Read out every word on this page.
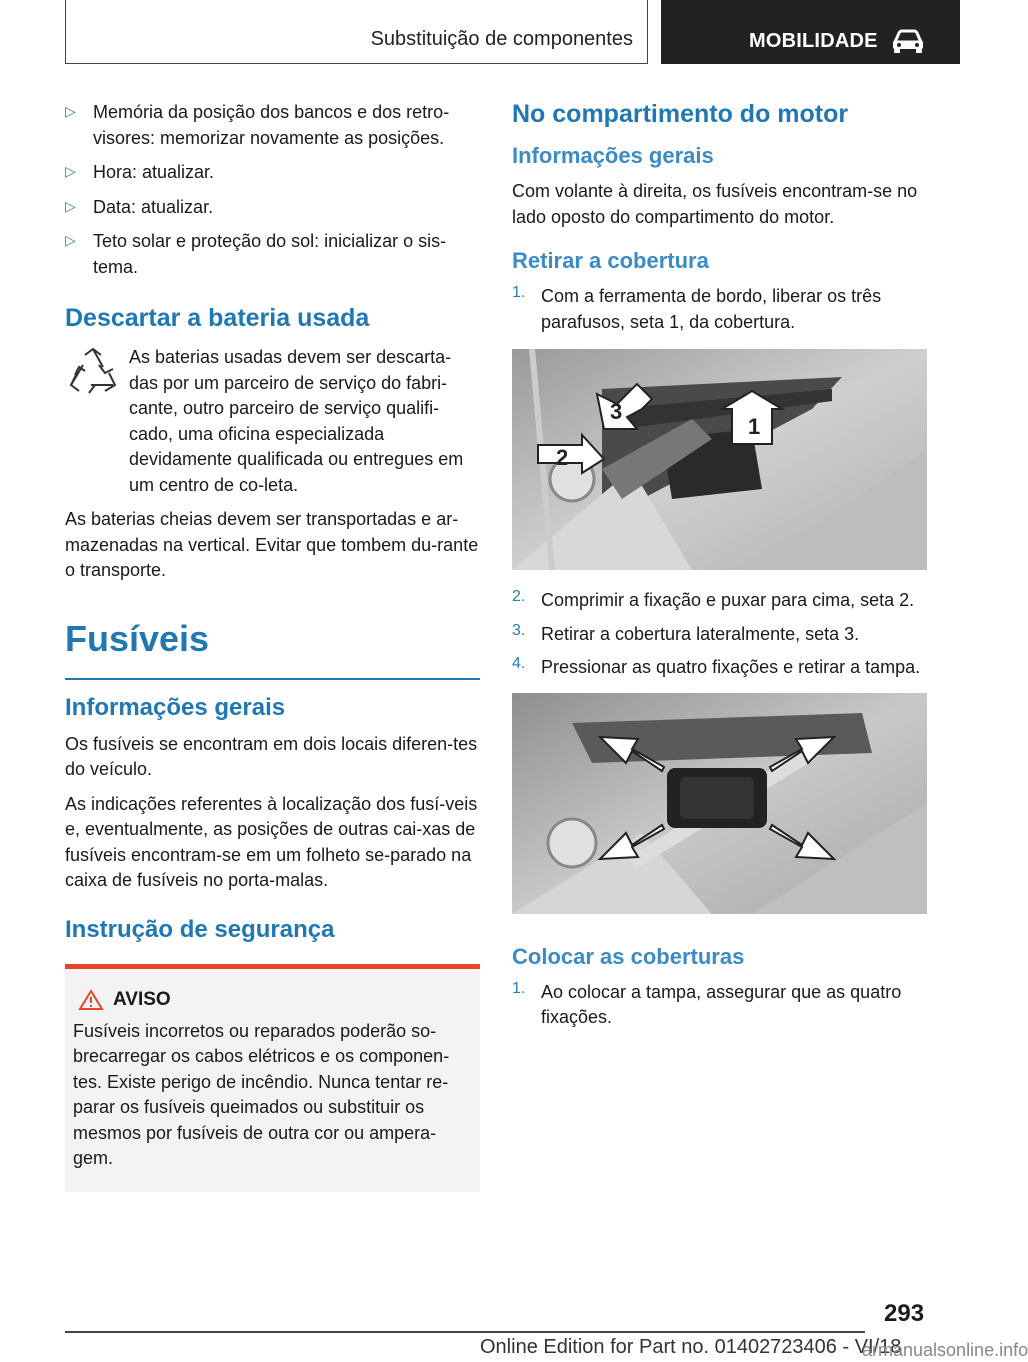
Substituição de componentes	MOBILIDADE
▷ Memória da posição dos bancos e dos retro-visores: memorizar novamente as posições.

▷ Hora: atualizar.

▷ Data: atualizar.

▷ Teto solar e proteção do sol: inicializar o sis-tema.

Descartar a bateria usada

As baterias usadas devem ser descarta-das por um parceiro de serviço do fabri-cante, outro parceiro de serviço qualifi-cado, uma oficina especializada devidamente qualificada ou entregues em um centro de co-leta.

As baterias cheias devem ser transportadas e ar-mazenadas na vertical. Evitar que tombem du-rante o transporte.

Fusíveis
Informações gerais

Os fusíveis se encontram em dois locais diferen-tes do veículo.

As indicações referentes à localização dos fusí-veis e, eventualmente, as posições de outras cai-xas de fusíveis encontram-se em um folheto se-parado na caixa de fusíveis no porta-malas.

Instrução de segurança
AVISO

Fusíveis incorretos ou reparados poderão so-brecarregar os cabos elétricos e os componen-tes. Existe perigo de incêndio. Nunca tentar re-parar os fusíveis queimados ou substituir os mesmos por fusíveis de outra cor ou ampera-gem.

No compartimento do motor
Informações gerais

Com volante à direita, os fusíveis encontram-se no lado oposto do compartimento do motor.

Retirar a cobertura
1. Com a ferramenta de bordo, liberar os três parafusos, seta 1, da cobertura.

3
1
2
2. Comprimir a fixação e puxar para cima, seta 2.

3. Retirar a cobertura lateralmente, seta 3.

4. Pressionar as quatro fixações e retirar a tampa.

Colocar as coberturas
1. Ao colocar a tampa, assegurar que as quatro fixações.

293
Online Edition for Part no. 01402723406 - VI/18
armanualsonline.info
